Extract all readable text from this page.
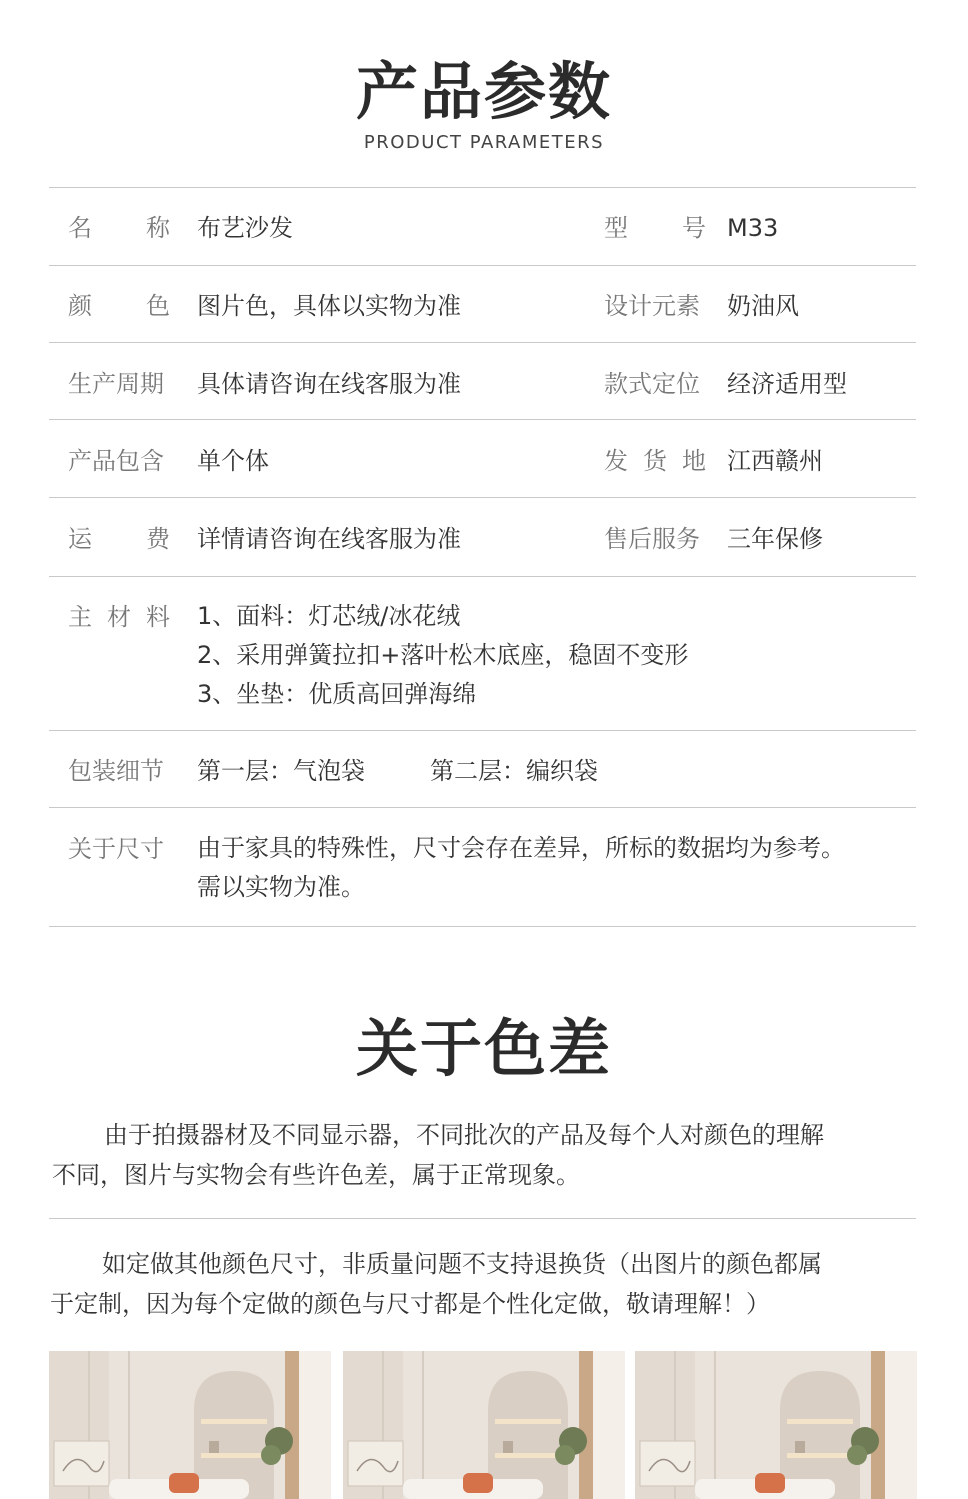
产品参数
PRODUCT PARAMETERS
名 称 布艺沙发	型 号 M33
颜 色 图片色，具体以实物为准	设计元素 奶油风
生产周期 具体请咨询在线客服为准	款式定位 经济适用型
产品包含 单个体	发 货 地 江西赣州
运 费 详情请咨询在线客服为准	售后服务 三年保修
主 材 料 1、面料：灯芯绒/冰花绒
2、采用弹簧拉扣+落叶松木底座，稳固不变形
3、坐垫：优质高回弹海绵
包装细节 第一层：气泡袋	第二层：编织袋
关于尺寸 由于家具的特殊性，尺寸会存在差异，所标的数据均为参考。
需以实物为准。
关于色差
由于拍摄器材及不同显示器，不同批次的产品及每个人对颜色的理解
不同，图片与实物会有些许色差，属于正常现象。
如定做其他颜色尺寸，非质量问题不支持退换货（出图片的颜色都属
于定制，因为每个定做的颜色与尺寸都是个性化定做，敬请理解！）
